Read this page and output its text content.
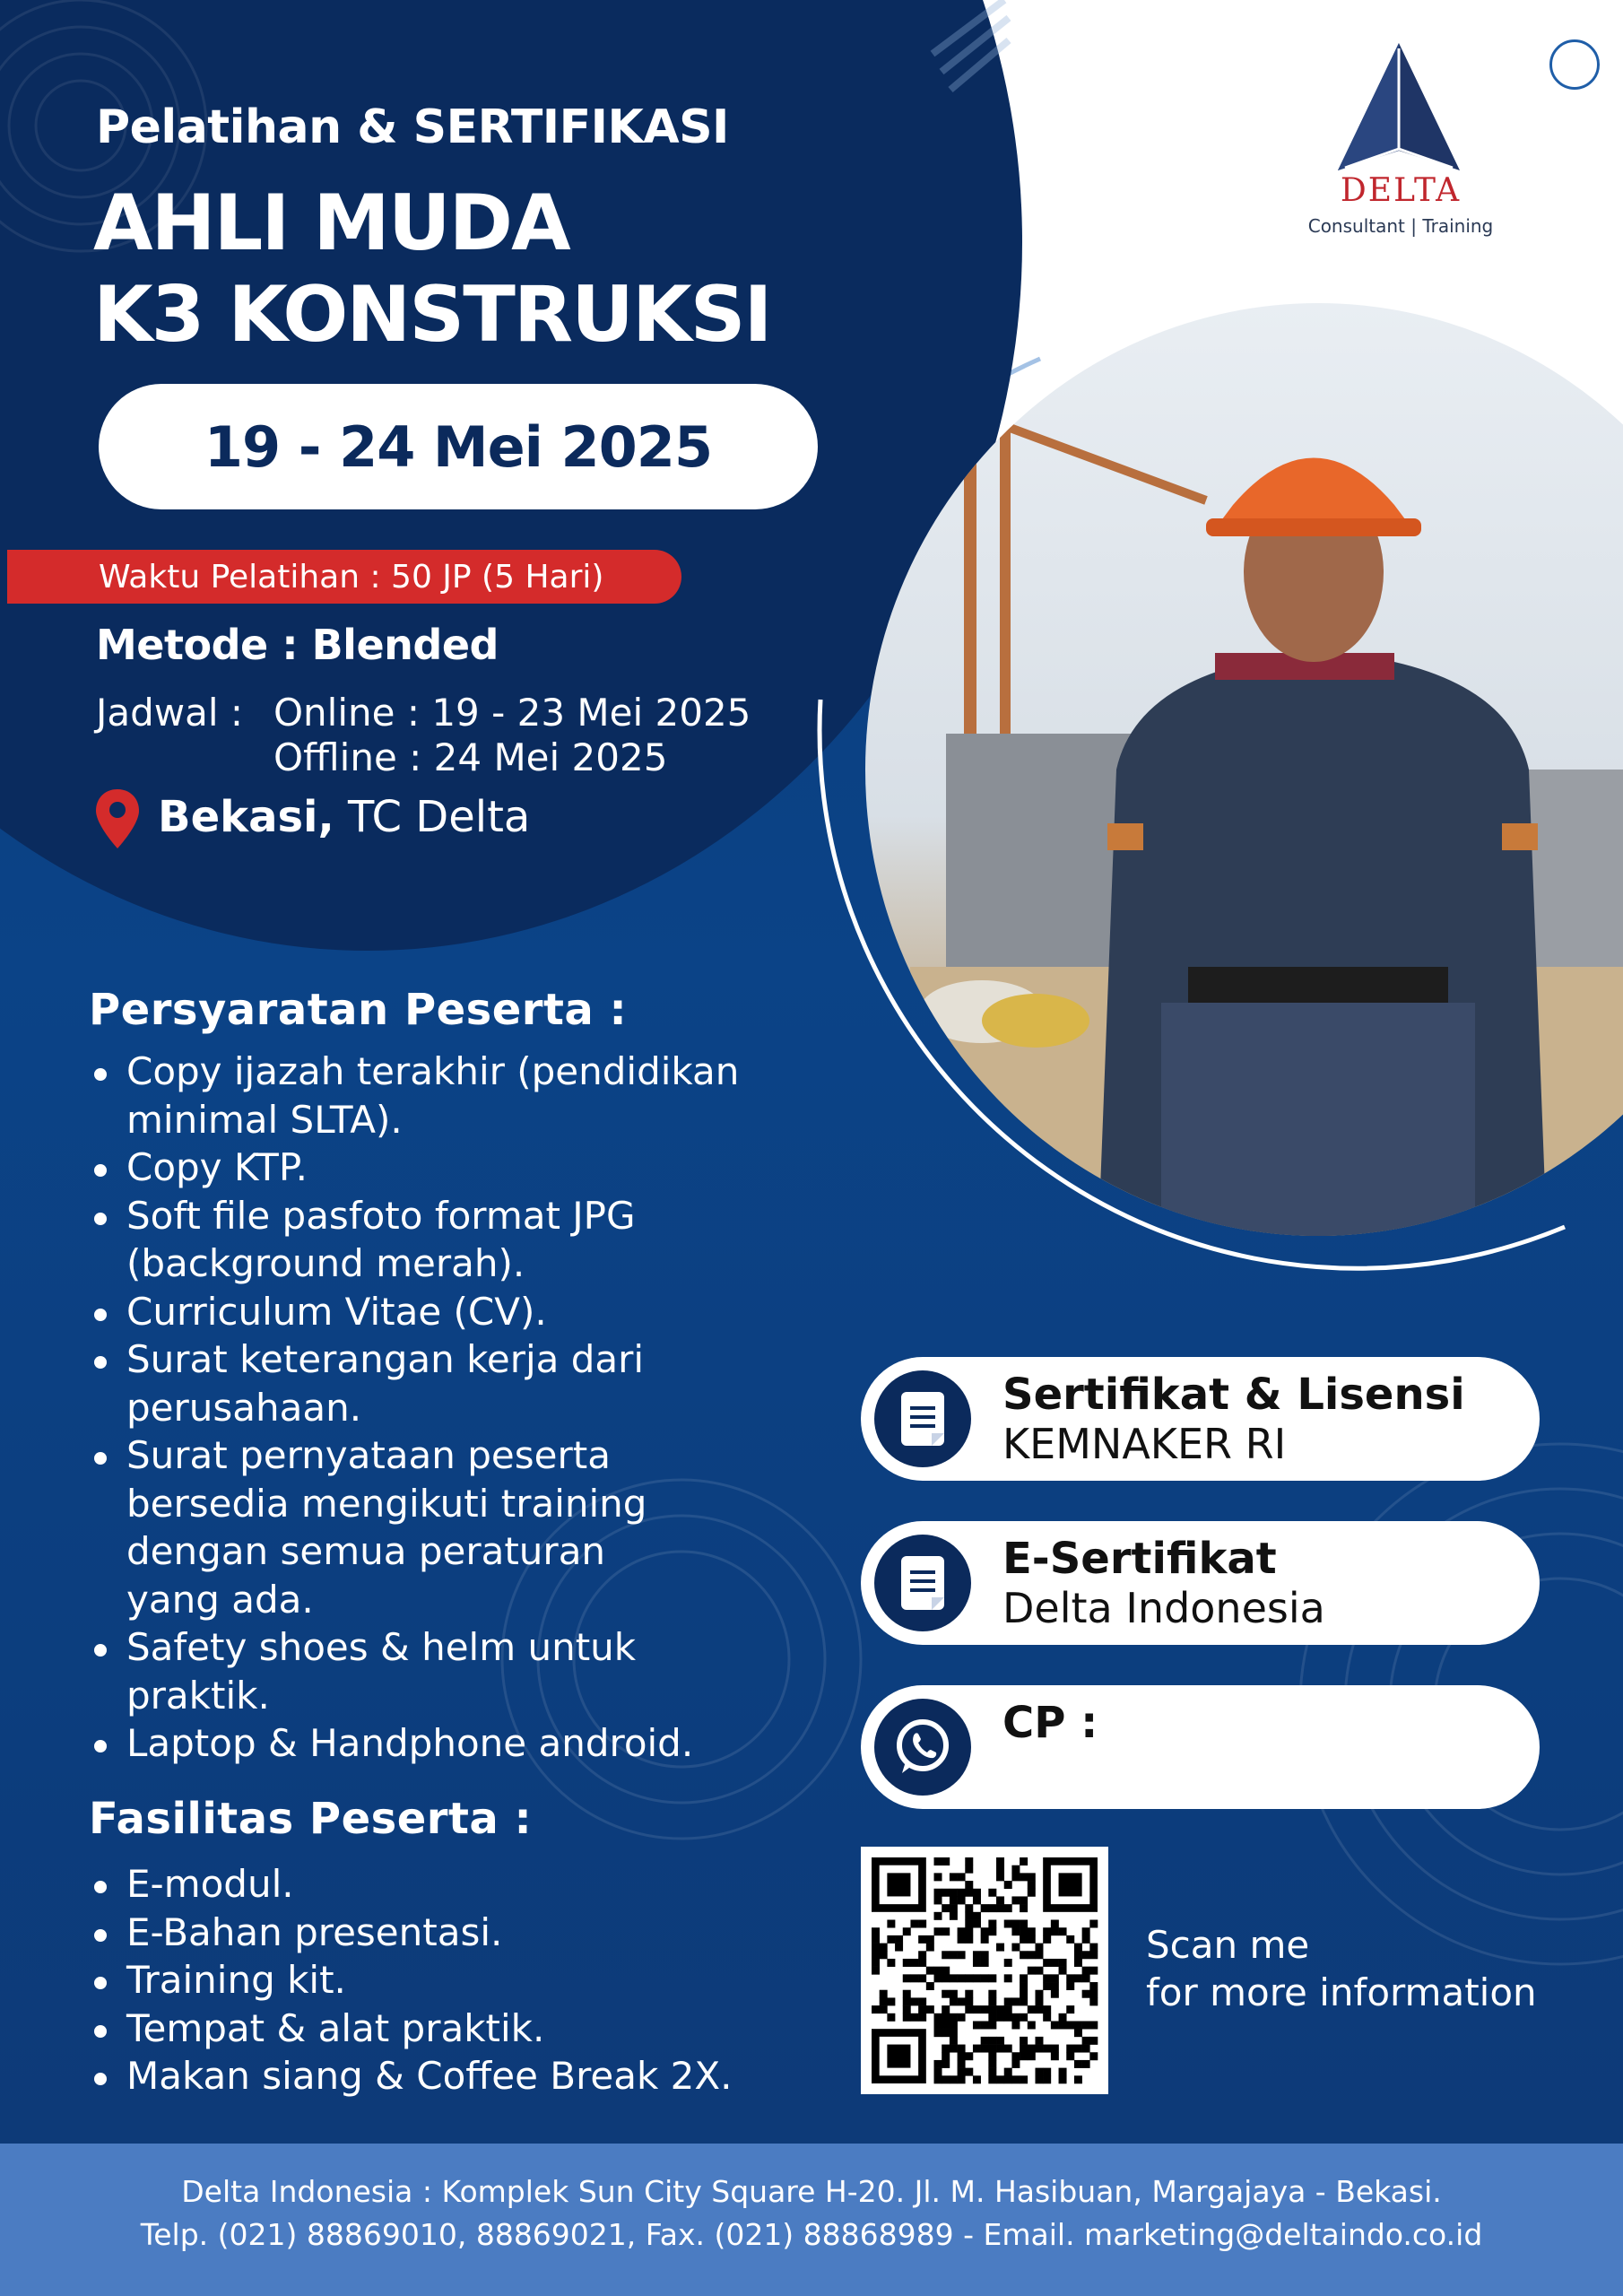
Pelatihan & SERTIFIKASI
AHLI MUDA
K3 KONSTRUKSI
19 - 24 Mei 2025
Waktu Pelatihan : 50 JP (5 Hari)
Metode : Blended
Jadwal : Online : 19 - 23 Mei 2025
Offline : 24 Mei 2025
Bekasi, TC Delta
DELTA
Consultant | Training
Persyaratan Peserta :
Copy ijazah terakhir (pendidikan
minimal SLTA).
Copy KTP.
Soft file pasfoto format JPG
(background merah).
Curriculum Vitae (CV).
Surat keterangan kerja dari
perusahaan.
Surat pernyataan peserta
bersedia mengikuti training
dengan semua peraturan
yang ada.
Safety shoes & helm untuk
praktik.
Laptop & Handphone android.
Fasilitas Peserta :
E-modul.
E-Bahan presentasi.
Training kit.
Tempat & alat praktik.
Makan siang & Coffee Break 2X.
Sertifikat & Lisensi
KEMNAKER RI
E-Sertifikat
Delta Indonesia
CP :
Scan me
for more information
Delta Indonesia : Komplek Sun City Square H-20. Jl. M. Hasibuan, Margajaya - Bekasi.
Telp. (021) 88869010, 88869021, Fax. (021) 88868989 - Email. marketing@deltaindo.co.id
